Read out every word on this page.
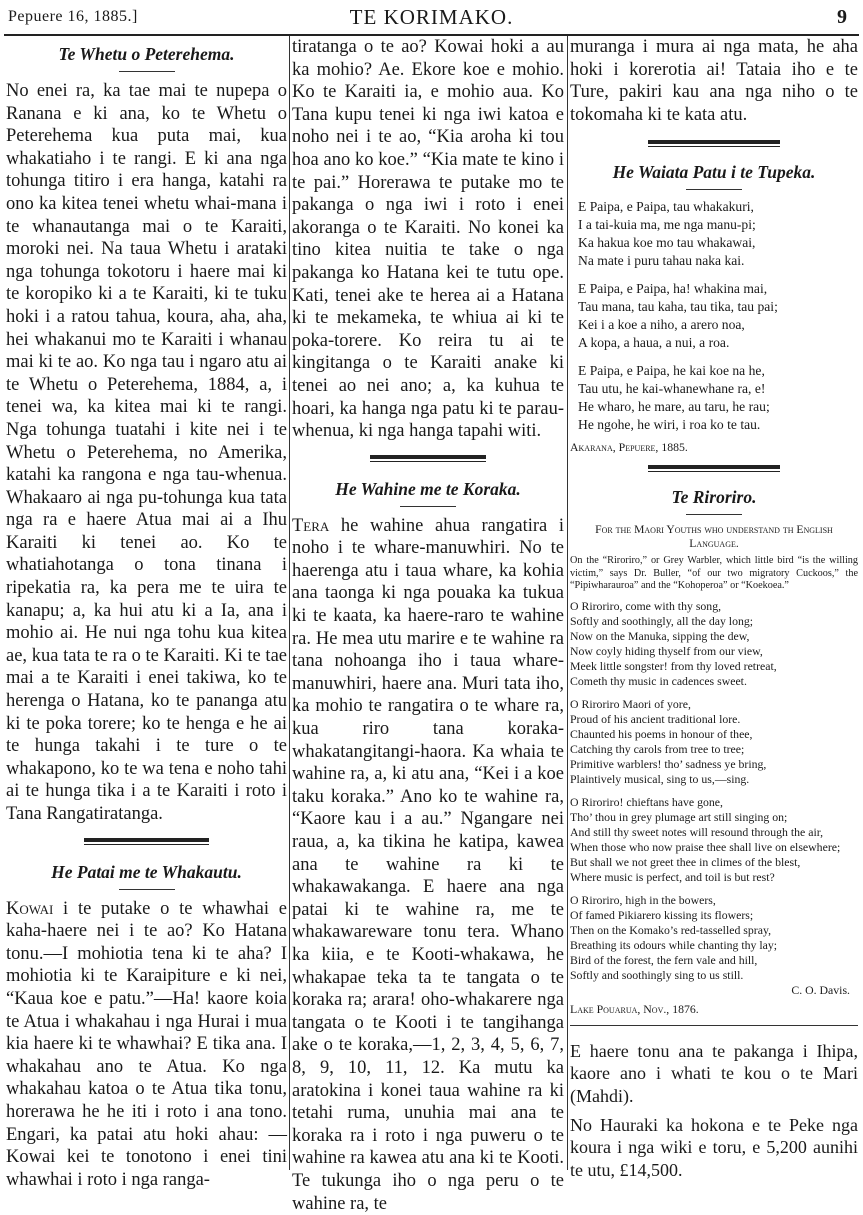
Pepuere 16, 1885.]	TE KORIMAKO.	9

Te Whetu o Peterehema.

No enei ra, ka tae mai te nupepa o Ranana e ki ana, ko te Whetu o Peterehema kua puta mai, kua whakatiaho i te rangi. E ki ana nga tohunga titiro i era hanga, katahi ra ono ka kitea tenei whetu whai-mana i te whanautanga mai o te Karaiti, moroki nei. Na taua Whetu i arataki nga tohunga tokotoru i haere mai ki te koropiko ki a te Karaiti, ki te tuku hoki i a ratou tahua, koura, aha, aha, hei whakanui mo te Karaiti i whanau mai ki te ao. Ko nga tau i ngaro atu ai te Whetu o Peterehema, 1884, a, i tenei wa, ka kitea mai ki te rangi. Nga tohunga tuatahi i kite nei i te Whetu o Peterehema, no Amerika, katahi ka rangona e nga tau-whenua. Whakaaro ai nga pu-tohunga kua tata nga ra e haere Atua mai ai a Ihu Karaiti ki tenei ao. Ko te whatiahotanga o tona tinana i ripekatia ra, ka pera me te uira te kanapu; a, ka hui atu ki a Ia, ana i mohio ai. He nui nga tohu kua kitea ae, kua tata te ra o te Karaiti. Ki te tae mai a te Karaiti i enei takiwa, ko te herenga o Hatana, ko te pananga atu ki te poka torere; ko te henga e he ai te hunga takahi i te ture o te whakapono, ko te wa tena e noho tahi ai te hunga tika i a te Karaiti i roto i Tana Rangatiratanga.

He Patai me te Whakautu.

Kowai i te putake o te whawhai e kaha-haere nei i te ao? Ko Hatana tonu.—I mohiotia tena ki te aha? I mohiotia ki te Karaipiture e ki nei, “Kaua koe e patu.”—Ha! kaore koia te Atua i whakahau i nga Hurai i mua kia haere ki te whawhai? E tika ana. I whakahau ano te Atua. Ko nga whakahau katoa o te Atua tika tonu, horerawa he he iti i roto i ana tono. Engari, ka patai atu hoki ahau: —Kowai kei te tonotono i enei tini whawhai i roto i nga ranga-

tiratanga o te ao? Kowai hoki a au ka mohio? Ae. Ekore koe e mohio. Ko te Karaiti ia, e mohio aua. Ko Tana kupu tenei ki nga iwi katoa e noho nei i te ao, “Kia aroha ki tou hoa ano ko koe.” “Kia mate te kino i te pai.” Horerawa te putake mo te pakanga o nga iwi i roto i enei akoranga o te Karaiti. No konei ka tino kitea nuitia te take o nga pakanga ko Hatana kei te tutu ope. Kati, tenei ake te herea ai a Hatana ki te mekameka, te whiua ai ki te poka-torere. Ko reira tu ai te kingitanga o te Karaiti anake ki tenei ao nei ano; a, ka kuhua te hoari, ka hanga nga patu ki te parau-whenua, ki nga hanga tapahi witi.

He Wahine me te Koraka.

Tera he wahine ahua rangatira i noho i te whare-manuwhiri. No te haerenga atu i taua whare, ka kohia ana taonga ki nga pouaka ka tukua ki te kaata, ka haere-raro te wahine ra. He mea utu marire e te wahine ra tana nohoanga iho i taua whare-manuwhiri, haere ana. Muri tata iho, ka mohio te rangatira o te whare ra, kua riro tana koraka-whakatangitangi-haora. Ka whaia te wahine ra, a, ki atu ana, “Kei i a koe taku koraka.” Ano ko te wahine ra, “Kaore kau i a au.” Ngangare nei raua, a, ka tikina he katipa, kawea ana te wahine ra ki te whakawakanga. E haere ana nga patai ki te wahine ra, me te whakawareware tonu tera. Whano ka kiia, e te Kooti-whakawa, he whakapae teka ta te tangata o te koraka ra; arara! oho-whakarere nga tangata o te Kooti i te tangihanga ake o te koraka,—1, 2, 3, 4, 5, 6, 7, 8, 9, 10, 11, 12. Ka mutu ka aratokina i konei taua wahine ra ki tetahi ruma, unuhia mai ana te koraka ra i roto i nga puweru o te wahine ra kawea atu ana ki te Kooti. Te tukunga iho o nga peru o te wahine ra, te

muranga i mura ai nga mata, he aha hoki i korerotia ai! Tataia iho e te Ture, pakiri kau ana nga niho o te tokomaha ki te kata atu.

He Waiata Patu i te Tupeka.

E Paipa, e Paipa, tau whakakuri,
I a tai-kuia ma, me nga manu-pi;
Ka hakua koe mo tau whakawai,
Na mate i puru tahau naka kai.
E Paipa, e Paipa, ha! whakina mai,
Tau mana, tau kaha, tau tika, tau pai;
Kei i a koe a niho, a arero noa,
A kopa, a haua, a nui, a roa.
E Paipa, e Paipa, he kai koe na he,
Tau utu, he kai-whanewhane ra, e!
He wharo, he mare, au taru, he rau;
He ngohe, he wiri, i roa ko te tau.

Akarana, Pepuere, 1885.

Te Riroriro.

For the Maori Youths who understand th English Language.

On the “Riroriro,” or Grey Warbler, which little bird “is the willing victim,” says Dr. Buller, “of our two migratory Cuckoos,” the “Pipiwharauroa” and the “Kohoperoa” or “Koekoea.”

O Riroriro, come with thy song,
Softly and soothingly, all the day long;
Now on the Manuka, sipping the dew,
Now coyly hiding thyself from our view,
Meek little songster! from thy loved retreat,
Cometh thy music in cadences sweet.
O Riroriro Maori of yore,
Proud of his ancient traditional lore.
Chaunted his poems in honour of thee,
Catching thy carols from tree to tree;
Primitive warblers! tho’ sadness ye bring,
Plaintively musical, sing to us,—sing.
O Riroriro! chieftans have gone,
Tho’ thou in grey plumage art still singing on;
And still thy sweet notes will resound through the air,
When those who now praise thee shall live on elsewhere;
But shall we not greet thee in climes of the blest,
Where music is perfect, and toil is but rest?
O Riroriro, high in the bowers,
Of famed Pikiarero kissing its flowers;
Then on the Komako’s red-tasselled spray,
Breathing its odours while chanting thy lay;
Bird of the forest, the fern vale and hill,
Softly and soothingly sing to us still.

C. O. Davis.

Lake Pouarua, Nov., 1876.

E haere tonu ana te pakanga i Ihipa, kaore ano i whati te kou o te Mari (Mahdi).

No Hauraki ka hokona e te Peke nga koura i nga wiki e toru, e 5,200 aunihi te utu, £14,500.
